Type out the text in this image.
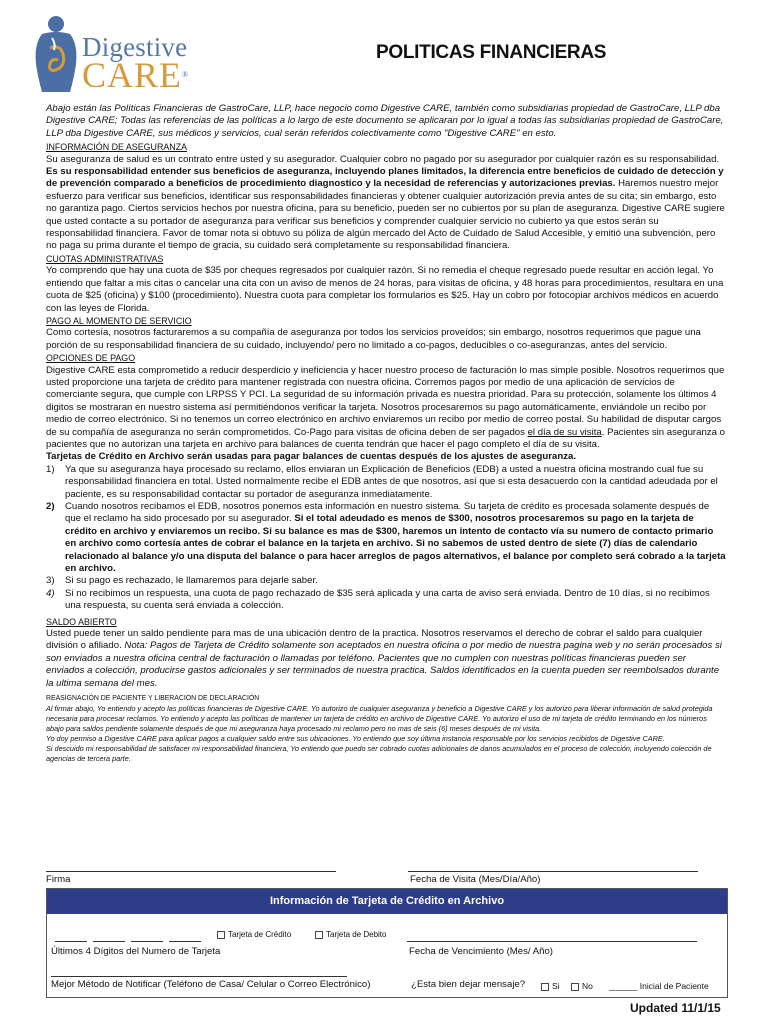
Digestive
CARE®
POLITICAS FINANCIERAS

Abajo están las Políticas Financieras de GastroCare, LLP, hace negocio como Digestive CARE, también como subsidiarias propiedad de GastroCare, LLP dba Digestive CARE; Todas las referencias de las políticas a lo largo de este documento se aplicaran por lo igual a todas las subsidiarias propiedad de GastroCare, LLP dba Digestive CARE, sus médicos y servicios, cual serán referidos colectivamente como "Digestive CARE" en esto.

INFORMACIÓN DE ASEGURANZA

Su aseguranza de salud es un contrato entre usted y su asegurador. Cualquier cobro no pagado por su asegurador por cualquier razón es su responsabilidad. Es su responsabilidad entender sus beneficios de aseguranza, incluyendo planes limitados, la diferencia entre beneficios de cuidado de detección y de prevención comparado a beneficios de procedimiento diagnostico y la necesidad de referencias y autorizaciones previas. Haremos nuestro mejor esfuerzo para verificar sus beneficios, identificar sus responsabilidades financieras y obtener cualquier autorización previa antes de su cita; sin embargo, esto no garantiza pago. Ciertos servicios hechos por nuestra oficina, para su beneficio, pueden ser no cubiertos por su plan de aseguranza. Digestive CARE sugiere que usted contacte a su portador de aseguranza para verificar sus beneficios y comprender cualquier servicio no cubierto ya que estos serán su responsabilidad financiera. Favor de tomar nota si obtuvo su póliza de algún mercado del Acto de Cuidado de Salud Accesible, y emitió una subvención, pero no paga su prima durante el tiempo de gracia, su cuidado será completamente su responsabilidad financiera.

CUOTAS ADMINISTRATIVAS

Yo comprendo que hay una cuota de $35 por cheques regresados por cualquier razón. Si no remedia el cheque regresado puede resultar en acción legal. Yo entiendo que faltar a mis citas o cancelar una cita con un aviso de menos de 24 horas, para visitas de oficina, y 48 horas para procedimientos, resultara en una cuota de $25 (oficina) y $100 (procedimiento). Nuestra cuota para completar los formularios es $25. Hay un cobro por fotocopiar archivos médicos en acuerdo con las leyes de Florida.

PAGO AL MOMENTO DE SERVICIO

Como cortesía, nosotros facturaremos a su compañía de aseguranza por todos los servicios proveídos; sin embargo, nosotros requerimos que pague una porción de su responsabilidad financiera de su cuidado, incluyendo/ pero no limitado a co-pagos, deducibles o co-aseguranzas, antes del servicio.

OPCIONES DE PAGO

Digestive CARE esta comprometido a reducir desperdicio y ineficiencia y hacer nuestro proceso de facturación lo mas simple posible. Nosotros requerimos que usted proporcione una tarjeta de crédito para mantener registrada con nuestra oficina. Corremos pagos por medio de una aplicación de servicios de comerciante segura, que cumple con LRPSS Y PCI. La seguridad de su información privada es nuestra prioridad. Para su protección, solamente los últimos 4 digitos se mostraran en nuestro sistema así permitiéndonos verificar la tarjeta. Nosotros procesaremos su pago automáticamente, enviándole un recibo por medio de correo electrónico. Si no tenemos un correo electrónico en archivo enviaremos un recibo por medio de correo postal. Su habilidad de disputar cargos de su compañía de aseguranza no serán comprometidos. Co-Pago para visitas de oficina deben de ser pagados el día de su visita. Pacientes sin aseguranza o pacientes que no autorizan una tarjeta en archivo para balances de cuenta tendrán que hacer el pago completo el día de su visita.

Tarjetas de Crédito en Archivo serán usadas para pagar balances de cuentas después de los ajustes de aseguranza.

1)	Ya que su aseguranza haya procesado su reclamo, ellos enviaran un Explicación de Beneficios (EDB) a usted a nuestra oficina mostrando cual fue su responsabilidad financiera en total. Usted normalmente recibe el EDB antes de que nosotros, así que si esta desacuerdo con la cantidad adeudada por el paciente, es su responsabilidad contactar su portador de aseguranza inmediatamente.
2)	Cuando nosotros recibamos el EDB, nosotros ponemos esta información en nuestro sistema. Su tarjeta de crédito es procesada solamente después de que el reclamo ha sido procesado por su asegurador. Si el total adeudado es menos de $300, nosotros procesaremos su pago en la tarjeta de crédito en archivo y enviaremos un recibo. Si su balance es mas de $300, haremos un intento de contacto vía su numero de contacto primario en archivo como cortesía antes de cobrar el balance en la tarjeta en archivo. Si no sabemos de usted dentro de siete (7) días de calendario relacionado al balance y/o una disputa del balance o para hacer arreglos de pagos alternativos, el balance por completo será cobrado a la tarjeta en archivo.
3)	Si su pago es rechazado, le llamaremos para dejarle saber.
4)	Si no recibimos un respuesta, una cuota de pago rechazado de $35 será aplicada y una carta de aviso será enviada. Dentro de 10 días, si no recibimos una respuesta, su cuenta será enviada a colección.

SALDO ABIERTO

Usted puede tener un saldo pendiente para mas de una ubicación dentro de la practica. Nosotros reservamos el derecho de cobrar el saldo para cualquier división o afiliado. Nota: Pagos de Tarjeta de Crédito solamente son aceptados en nuestra oficina o por medio de nuestra pagina web y no serán procesados si son enviados a nuestra oficina central de facturación o llamadas por teléfono. Pacientes que no cumplen con nuestras políticas financieras pueden ser enviados a colección, producirse gastos adicionales y ser terminados de nuestra practica. Saldos identificados en la cuenta pueden ser reembolsados durante la ultima semana del mes.

REASIGNACIÓN DE PACIENTE Y LIBERACION DE DECLARACIÓN

Al firmar abajo, Yo entiendo y acepto las políticas financieras de Digestive CARE. Yo autorizo de cualquier aseguranza y beneficio a Digestive CARE y los autorizo para liberar información de salud protegida necesaria para procesar reclamos. Yo entiendo y acepto las políticas de mantener un tarjeta de crédito en archivo de Digestive CARE. Yo autorizo el uso de mi tarjeta de crédito terminando en los números abajo para saldos pendiente solamente después de que mi aseguranza haya procesado mi reclamo pero no mas de seis (6) meses después de mi visita.

Yo doy permiso a Digestive CARE para aplicar pagos a cualquier saldo entre sus ubicaciones. Yo entiendo que soy última instancia responsable por los servicios recibidos de Digestive CARE.

Si descuido mi responsabilidad de satisfacer mi responsabilidad financiera, Yo entiendo que puedo ser cobrado cuotas adicionales de danos acumulados en el proceso de colección, incluyendo colección de agencias de tercera parte.

Firma	Fecha de Visita (Mes/Día/Año)
Información de Tarjeta de Crédito en Archivo
Tarjeta de Crédito	Tarjeta de Debito
Últimos 4 Dígitos del Numero de Tarjeta	Fecha de Vencimiento (Mes/ Año)
Mejor Método de Notificar (Teléfono de Casa/ Celular o Correo Electrónico)	¿Esta bien dejar mensaje?	Si	No ______ Inicial de Paciente
Updated 11/1/15
